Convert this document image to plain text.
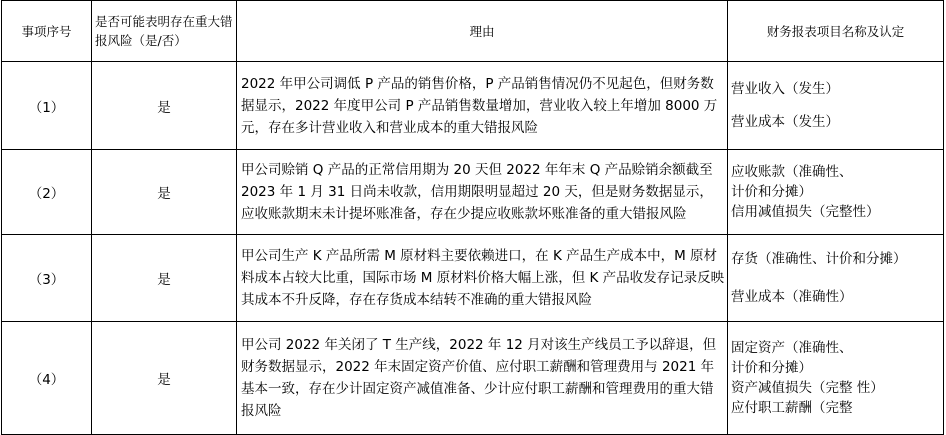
事项序号	是否可能表明存在重大错报风险（是/否）	理由	财务报表项目名称及认定
（1）	是	2022 年甲公司调低 P 产品的销售价格，P 产品销售情况仍不见起色，但财务数据显示，2022 年度甲公司 P 产品销售数量增加，营业收入较上年增加 8000 万元，存在多计营业收入和营业成本的重大错报风险	营业收入（发生）
营业成本（发生）

（2）	是	甲公司赊销 Q 产品的正常信用期为 20 天但 2022 年年末 Q 产品赊销余额截至 2023 年 1 月 31 日尚未收款，信用期限明显超过 20 天，但是财务数据显示，应收账款期末未计提坏账准备，存在少提应收账款坏账准备的重大错报风险	应收账款（准确性、
计价和分摊）
信用减值损失（完整性）

（3）	是	甲公司生产 K 产品所需 M 原材料主要依赖进口，在 K 产品生产成本中，M 原材料成本占较大比重，国际市场 M 原材料价格大幅上涨，但 K 产品收发存记录反映其成本不升反降，存在存货成本结转不准确的重大错报风险	存货（准确性、计价和分摊）
营业成本（准确性）

（4）	是	甲公司 2022 年关闭了 T 生产线，2022 年 12 月对该生产线员工予以辞退，但财务数据显示，2022 年末固定资产价值、应付职工薪酬和管理费用与 2021 年基本一致，存在少计固定资产减值准备、少计应付职工薪酬和管理费用的重大错报风险	固定资产（准确性、
计价和分摊）
资产减值损失（完整 性）
应付职工薪酬（完整
